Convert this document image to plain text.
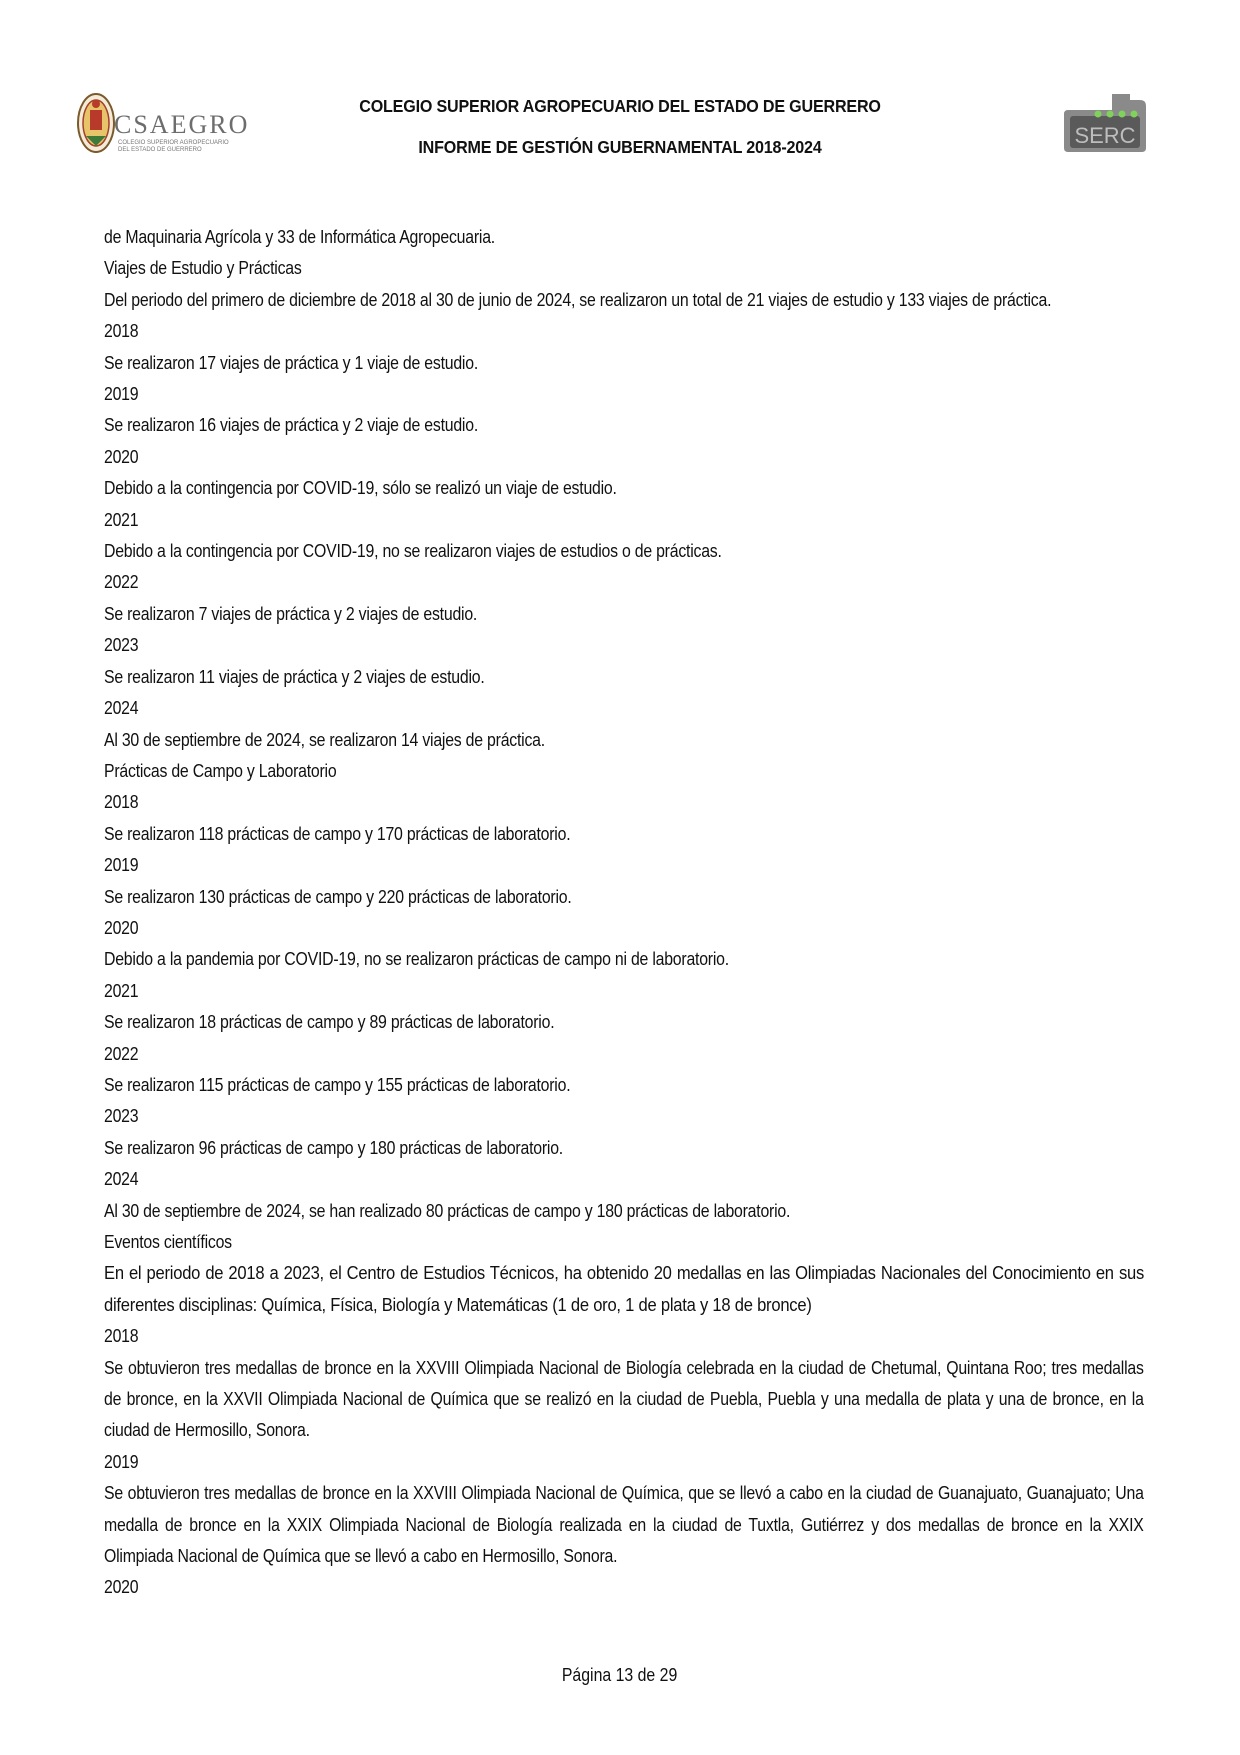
CSAEGRO
COLEGIO SUPERIOR AGROPECUARIO
DEL ESTADO DE GUERRERO
COLEGIO SUPERIOR AGROPECUARIO DEL ESTADO DE GUERRERO
INFORME DE GESTIÓN GUBERNAMENTAL 2018-2024	SERC

de Maquinaria Agrícola y 33 de Informática Agropecuaria.

Viajes de Estudio y Prácticas

Del periodo del primero de diciembre de 2018 al 30 de junio de 2024, se realizaron un total de 21 viajes de estudio y 133 viajes de práctica.

2018

Se realizaron 17 viajes de práctica y 1 viaje de estudio.

2019

Se realizaron 16 viajes de práctica y 2 viaje de estudio.

2020

Debido a la contingencia por COVID-19, sólo se realizó un viaje de estudio.

2021

Debido a la contingencia por COVID-19, no se realizaron viajes de estudios o de prácticas.

2022

Se realizaron 7 viajes de práctica y 2 viajes de estudio.

2023

Se realizaron 11 viajes de práctica y 2 viajes de estudio.

2024

Al 30 de septiembre de 2024, se realizaron 14 viajes de práctica.

Prácticas de Campo y Laboratorio

2018

Se realizaron 118 prácticas de campo y 170 prácticas de laboratorio.

2019

Se realizaron 130 prácticas de campo y 220 prácticas de laboratorio.

2020

Debido a la pandemia por COVID-19, no se realizaron prácticas de campo ni de laboratorio.

2021

Se realizaron 18 prácticas de campo y 89 prácticas de laboratorio.

2022

Se realizaron 115 prácticas de campo y 155 prácticas de laboratorio.

2023

Se realizaron 96 prácticas de campo y 180 prácticas de laboratorio.

2024

Al 30 de septiembre de 2024, se han realizado 80 prácticas de campo y 180 prácticas de laboratorio.

Eventos científicos

En el periodo de 2018 a 2023, el Centro de Estudios Técnicos, ha obtenido 20 medallas en las Olimpiadas Nacionales del Conocimiento en sus diferentes disciplinas: Química, Física, Biología y Matemáticas (1 de oro, 1 de plata y 18 de bronce)

2018

Se obtuvieron tres medallas de bronce en la XXVIII Olimpiada Nacional de Biología celebrada en la ciudad de Chetumal, Quintana Roo; tres medallas de bronce, en la XXVII Olimpiada Nacional de Química que se realizó en la ciudad de Puebla, Puebla y una medalla de plata y una de bronce, en la ciudad de Hermosillo, Sonora.

2019

Se obtuvieron tres medallas de bronce en la XXVIII Olimpiada Nacional de Química, que se llevó a cabo en la ciudad de Guanajuato, Guanajuato; Una medalla de bronce en la XXIX Olimpiada Nacional de Biología realizada en la ciudad de Tuxtla, Gutiérrez y dos medallas de bronce en la XXIX Olimpiada Nacional de Química que se llevó a cabo en Hermosillo, Sonora.

2020

Página 13 de 29
